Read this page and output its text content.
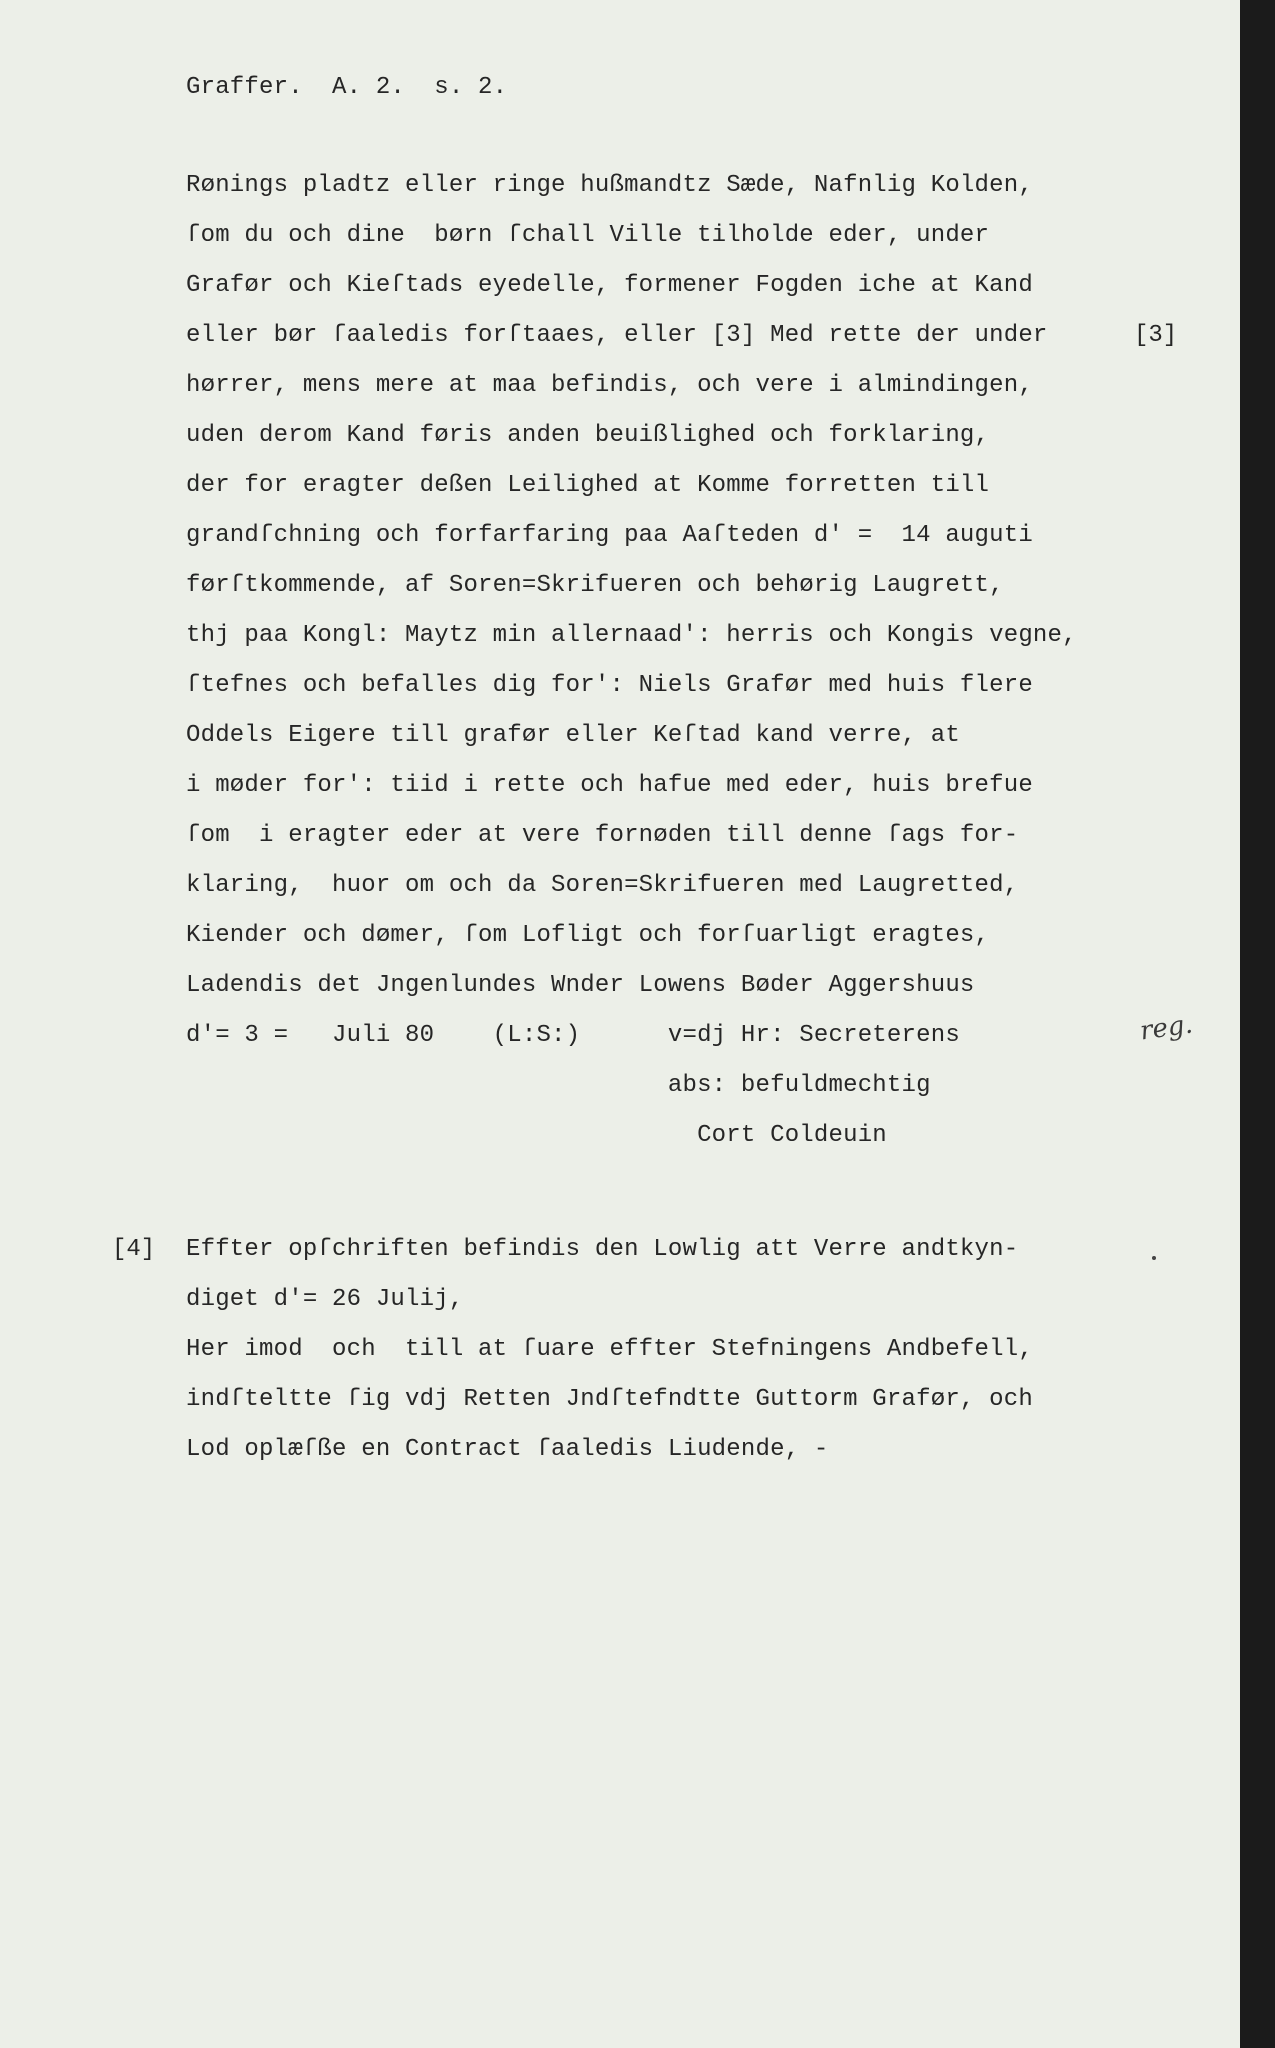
Graffer.  A. 2.  s. 2.
Rønings pladtz eller ringe hußmandtz Sæde, Nafnlig Kolden,
ſom du och dine  børn ſchall Ville tilholde eder, under
Grafør och Kieſtads eyedelle, formener Fogden iche at Kand
eller bør ſaaledis forſtaaes, eller [3] Med rette der under	[3]
hørrer, mens mere at maa befindis, och vere i almindingen,
uden derom Kand føris anden beuißlighed och forklaring,
der for eragter deßen Leilighed at Komme forretten till
grandſchning och forfarfaring paa Aaſteden d' =  14 auguti
førſtkommende, af Soren=Skrifueren och behørig Laugrett,
thj paa Kongl: Maytz min allernaad': herris och Kongis vegne,
ſtefnes och befalles dig for': Niels Grafør med huis flere
Oddels Eigere till grafør eller Keſtad kand verre, at
i møder for': tiid i rette och hafue med eder, huis brefue
ſom  i eragter eder at vere fornøden till denne ſags for-
klaring,  huor om och da Soren=Skrifueren med Laugretted,
Kiender och dømer, ſom Lofligt och forſuarligt eragtes,
Ladendis det Jngenlundes Wnder Lowens Bøder Aggershuus
d'= 3 =   Juli 80    (L:S:)      v=dj Hr: Secreterens
abs: befuldmechtig
Cort Coldeuin
reg.
[4] Effter opſchriften befindis den Lowlig att Verre andtkyn-
diget d'= 26 Julij,
Her imod  och  till at ſuare effter Stefningens Andbefell,
indſteltte ſig vdj Retten Jndſtefndtte Guttorm Grafør, och
Lod oplæſße en Contract ſaaledis Liudende, -
